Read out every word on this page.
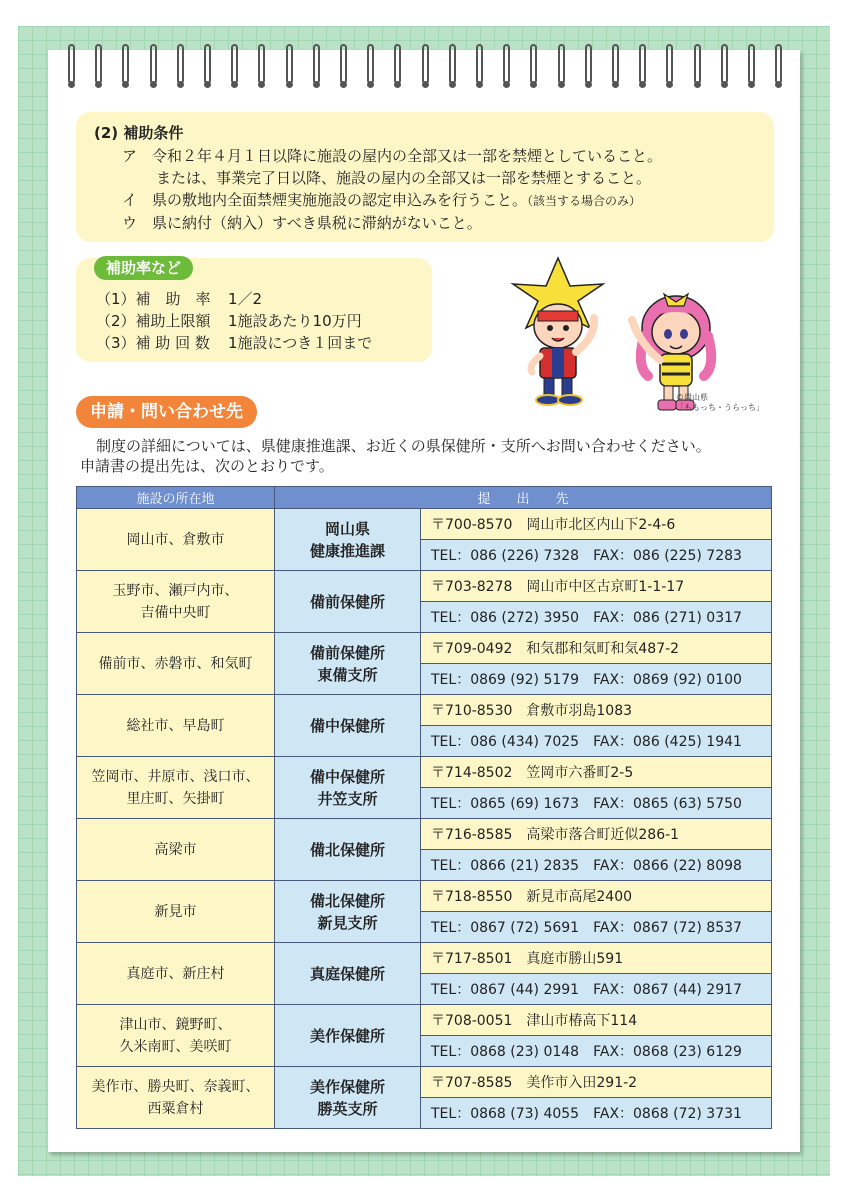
(2) 補助条件
ア　令和２年４月１日以降に施設の屋内の全部又は一部を禁煙としていること。
または、事業完了日以降、施設の屋内の全部又は一部を禁煙とすること。
イ　県の敷地内全面禁煙実施施設の認定申込みを行うこと。（該当する場合のみ）
ウ　県に納付（納入）すべき県税に滞納がないこと。
（1）補　助　率	1／2
（2）補助上限額	1施設あたり10万円
（3）補 助 回 数	1施設につき１回まで
補助率など
©岡山県
「ももっち・うらっち」
申請・問い合わせ先
制度の詳細については、県健康推進課、お近くの県保健所・支所へお問い合わせください。
申請書の提出先は、次のとおりです。
施設の所在地	提　　出　　先	

岡山市、倉敷市	岡山県
健康推進課	〒700-8570　岡山市北区内山下2-4-6
		TEL：086 (226) 7328　FAX：086 (225) 7283

玉野市、瀬戸内市、
吉備中央町	備前保健所	〒703-8278　岡山市中区古京町1-1-17
		TEL：086 (272) 3950　FAX：086 (271) 0317

備前市、赤磐市、和気町	備前保健所
東備支所	〒709-0492　和気郡和気町和気487-2
		TEL：0869 (92) 5179　FAX：0869 (92) 0100

総社市、早島町	備中保健所	〒710-8530　倉敷市羽島1083
		TEL：086 (434) 7025　FAX：086 (425) 1941

笠岡市、井原市、浅口市、
里庄町、矢掛町	備中保健所
井笠支所	〒714-8502　笠岡市六番町2-5
		TEL：0865 (69) 1673　FAX：0865 (63) 5750

高梁市	備北保健所	〒716-8585　高梁市落合町近似286-1
		TEL：0866 (21) 2835　FAX：0866 (22) 8098

新見市	備北保健所
新見支所	〒718-8550　新見市高尾2400
		TEL：0867 (72) 5691　FAX：0867 (72) 8537

真庭市、新庄村	真庭保健所	〒717-8501　真庭市勝山591
		TEL：0867 (44) 2991　FAX：0867 (44) 2917

津山市、鏡野町、
久米南町、美咲町	美作保健所	〒708-0051　津山市椿高下114
		TEL：0868 (23) 0148　FAX：0868 (23) 6129

美作市、勝央町、奈義町、
西粟倉村	美作保健所
勝英支所	〒707-8585　美作市入田291-2
		TEL：0868 (73) 4055　FAX：0868 (72) 3731
